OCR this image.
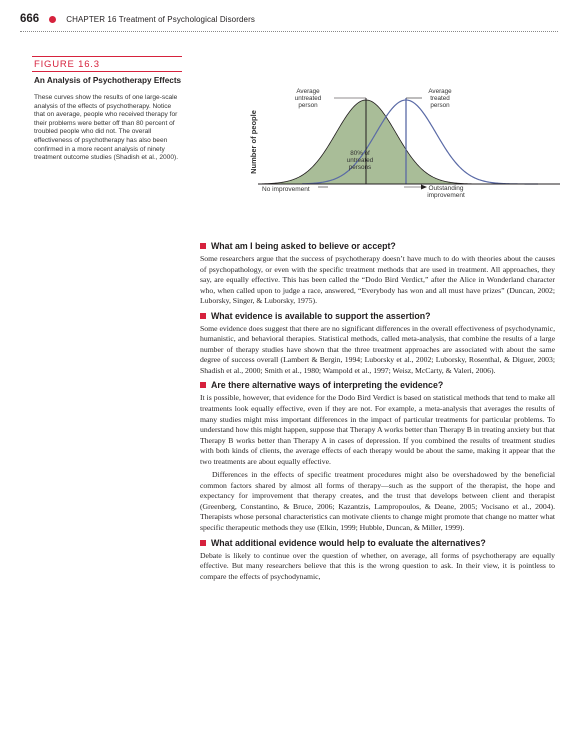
666	CHAPTER 16 Treatment of Psychological Disorders
FIGURE 16.3
An Analysis of Psychotherapy Effects
These curves show the results of one large-scale analysis of the effects of psychotherapy. Notice that on average, people who received therapy for their problems were better off than 80 percent of troubled people who did not. The overall effectiveness of psychotherapy has also been confirmed in a more recent analysis of ninety treatment outcome studies (Shadish et al., 2000).	Number of people
Average
untreated
person
Average
treated
person
80% of
untreated
persons
No improvement	Outstanding
improvement
What am I being asked to believe or accept?

Some researchers argue that the success of psychotherapy doesn’t have much to do with theories about the causes of psychopathology, or even with the specific treatment methods that are used in treatment. All approaches, they say, are equally effective. This has been called the “Dodo Bird Verdict,” after the Alice in Wonderland character who, when called upon to judge a race, answered, “Everybody has won and all must have prizes” (Duncan, 2002; Luborsky, Singer, & Luborsky, 1975).

What evidence is available to support the assertion?

Some evidence does suggest that there are no significant differences in the overall effectiveness of psychodynamic, humanistic, and behavioral therapies. Statistical methods, called meta-analysis, that combine the results of a large number of therapy studies have shown that the three treatment approaches are associated with about the same degree of success overall (Lambert & Bergin, 1994; Luborsky et al., 2002; Luborsky, Rosenthal, & Diguer, 2003; Shadish et al., 2000; Smith et al., 1980; Wampold et al., 1997; Weisz, McCarty, & Valeri, 2006).

Are there alternative ways of interpreting the evidence?

It is possible, however, that evidence for the Dodo Bird Verdict is based on statistical methods that tend to make all treatments look equally effective, even if they are not. For example, a meta-analysis that averages the results of many studies might miss important differences in the impact of particular treatments for particular problems. To understand how this might happen, suppose that Therapy A works better than Therapy B in treating anxiety but that Therapy B works better than Therapy A in cases of depression. If you combined the results of treatment studies with both kinds of clients, the average effects of each therapy would be about the same, making it appear that the two treatments are about equally effective.

Differences in the effects of specific treatment procedures might also be overshadowed by the beneficial common factors shared by almost all forms of therapy—such as the support of the therapist, the hope and expectancy for improvement that therapy creates, and the trust that develops between client and therapist (Greenberg, Constantino, & Bruce, 2006; Kazantzis, Lampropoulos, & Deane, 2005; Vocisano et al., 2004). Therapists whose personal characteristics can motivate clients to change might promote that change no matter what specific therapeutic methods they use (Elkin, 1999; Hubble, Duncan, & Miller, 1999).

What additional evidence would help to evaluate the alternatives?

Debate is likely to continue over the question of whether, on average, all forms of psychotherapy are equally effective. But many researchers believe that this is the wrong question to ask. In their view, it is pointless to compare the effects of psychodynamic,
